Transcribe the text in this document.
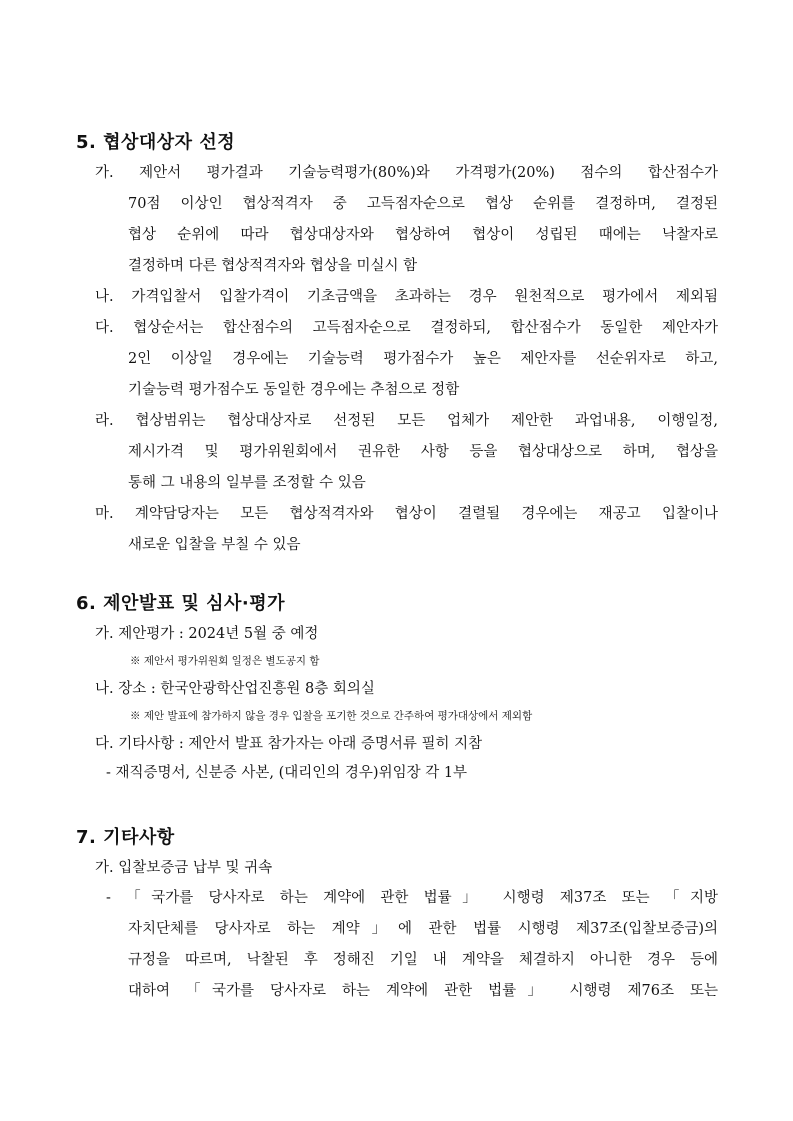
5. 협상대상자 선정
가. 제안서 평가결과 기술능력평가(80%)와 가격평가(20%) 점수의 합산점수가
70점 이상인 협상적격자 중 고득점자순으로 협상 순위를 결정하며, 결정된
협상 순위에 따라 협상대상자와 협상하여 협상이 성립된 때에는 낙찰자로
결정하며 다른 협상적격자와 협상을 미실시 함
나. 가격입찰서 입찰가격이 기초금액을 초과하는 경우 원천적으로 평가에서 제외됨
다. 협상순서는 합산점수의 고득점자순으로 결정하되, 합산점수가 동일한 제안자가
2인 이상일 경우에는 기술능력 평가점수가 높은 제안자를 선순위자로 하고,
기술능력 평가점수도 동일한 경우에는 추첨으로 정함
라. 협상범위는 협상대상자로 선정된 모든 업체가 제안한 과업내용, 이행일정,
제시가격 및 평가위원회에서 권유한 사항 등을 협상대상으로 하며, 협상을
통해 그 내용의 일부를 조정할 수 있음
마. 계약담당자는 모든 협상적격자와 협상이 결렬될 경우에는 재공고 입찰이나
새로운 입찰을 부칠 수 있음
6. 제안발표 및 심사·평가
가. 제안평가 : 2024년 5월 중 예정
※ 제안서 평가위원회 일정은 별도공지 함
나. 장소 : 한국안광학산업진흥원 8층 회의실
※ 제안 발표에 참가하지 않을 경우 입찰을 포기한 것으로 간주하여 평가대상에서 제외함
다. 기타사항 : 제안서 발표 참가자는 아래 증명서류 필히 지참
- 재직증명서, 신분증 사본, (대리인의 경우)위임장 각 1부
7. 기타사항
가. 입찰보증금 납부 및 귀속
- 「국가를 당사자로 하는 계약에 관한 법률」 시행령 제37조 또는 「지방
자치단체를 당사자로 하는 계약」에 관한 법률 시행령 제37조(입찰보증금)의
규정을 따르며, 낙찰된 후 정해진 기일 내 계약을 체결하지 아니한 경우 등에
대하여 「국가를 당사자로 하는 계약에 관한 법률」 시행령 제76조 또는
